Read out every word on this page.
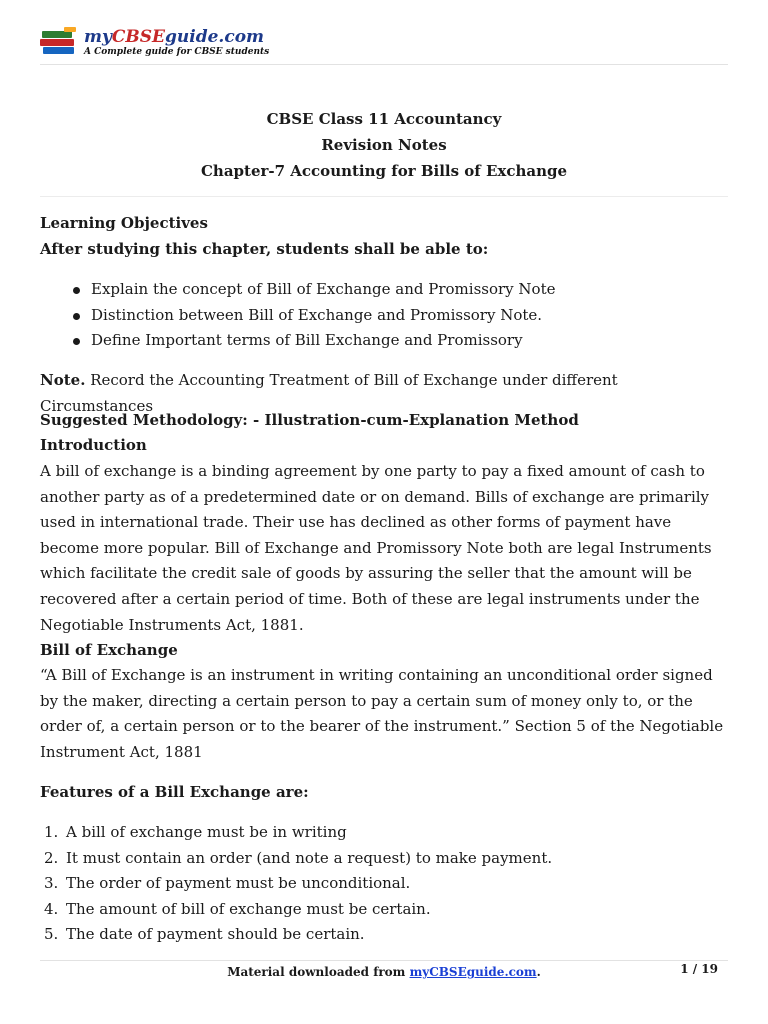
myCBSEguide.com
A Complete guide for CBSE students
CBSE Class 11 Accountancy
Revision Notes
Chapter-7 Accounting for Bills of Exchange

Learning Objectives

After studying this chapter, students shall be able to:

Explain the concept of Bill of Exchange and Promissory Note
Distinction between Bill of Exchange and Promissory Note.
Define Important terms of Bill Exchange and Promissory

Note. Record the Accounting Treatment of Bill of Exchange under different Circumstances

Suggested Methodology: - Illustration-cum-Explanation Method

Introduction

A bill of exchange is a binding agreement by one party to pay a fixed amount of cash to another party as of a predetermined date or on demand. Bills of exchange are primarily used in international trade. Their use has declined as other forms of payment have become more popular. Bill of Exchange and Promissory Note both are legal Instruments which facilitate the credit sale of goods by assuring the seller that the amount will be recovered after a certain period of time. Both of these are legal instruments under the Negotiable Instruments Act, 1881.

Bill of Exchange

“A Bill of Exchange is an instrument in writing containing an unconditional order signed by the maker, directing a certain person to pay a certain sum of money only to, or the order of, a certain person or to the bearer of the instrument.” Section 5 of the Negotiable Instrument Act, 1881

Features of a Bill Exchange are:

1. A bill of exchange must be in writing
2. It must contain an order (and note a request) to make payment.
3. The order of payment must be unconditional.
4. The amount of bill of exchange must be certain.
5. The date of payment should be certain.
Material downloaded from myCBSEguide.com.	1 / 19
